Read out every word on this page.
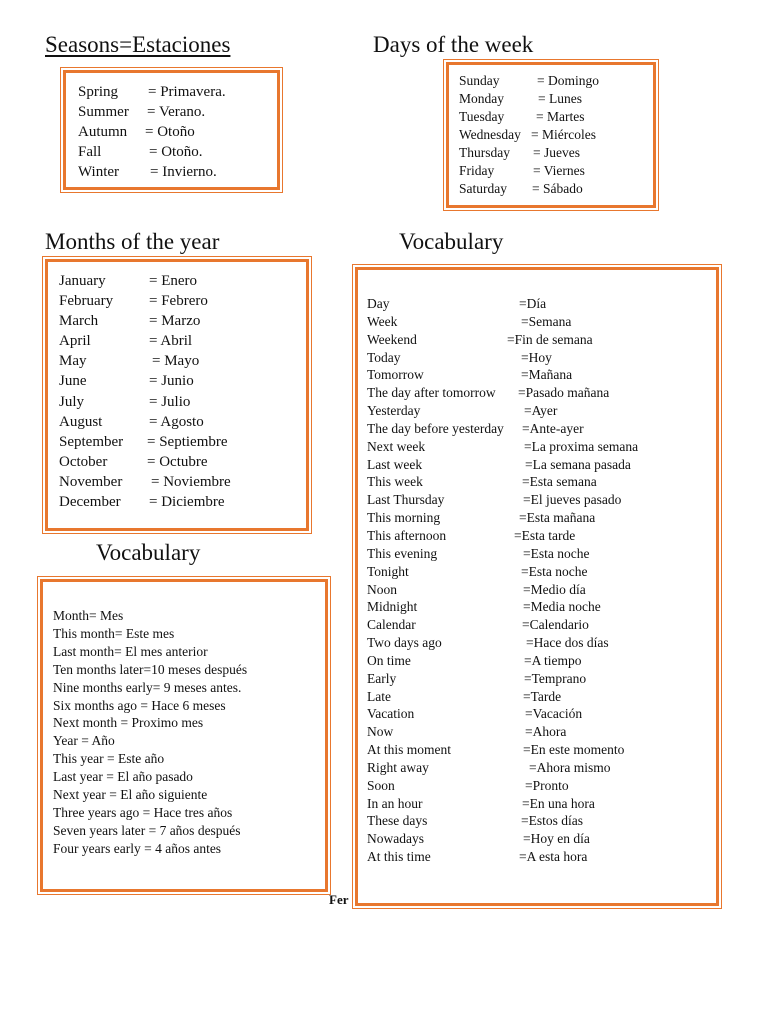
Seasons=Estaciones	Days of the week
Months of the year	Vocabulary
Vocabulary
Spring = Primavera.
Summer = Verano.
Autumn = Otoño
Fall	= Otoño.
Winter = Invierno.
Sunday	= Domingo
Monday	= Lunes
Tuesday = Martes
Wednesday = Miércoles
Thursday = Jueves
Friday	= Viernes
Saturday = Sábado
January	= Enero
February = Febrero
March	= Marzo
April	= Abril
May	= Mayo
June	= Junio
July	= Julio
August	= Agosto
September = Septiembre
October	= Octubre
November = Noviembre
December = Diciembre
Month= Mes
This month= Este mes
Last month= El mes anterior
Ten months later=10 meses después
Nine months early= 9 meses antes.
Six months ago = Hace 6 meses
Next month = Proximo mes
Year = Año
This year = Este año
Last year = El año pasado
Next year = El año siguiente
Three years ago = Hace tres años
Seven years later = 7 años después
Four years early = 4 años antes
Fer
Day	=Día
Week	=Semana
Weekend	=Fin de semana
Today	=Hoy
Tomorrow	=Mañana
The day after tomorrow =Pasado mañana
Yesterday	=Ayer
The day before yesterday =Ante-ayer
Next week	=La proxima semana
Last week	=La semana pasada
This week	=Esta semana
Last Thursday	=El jueves pasado
This morning	=Esta mañana
This afternoon	=Esta tarde
This evening	=Esta noche
Tonight	=Esta noche
Noon	=Medio día
Midnight	=Media noche
Calendar	=Calendario
Two days ago	=Hace dos días
On time	=A tiempo
Early	=Temprano
Late	=Tarde
Vacation	=Vacación
Now	=Ahora
At this moment	=En este momento
Right away	=Ahora mismo
Soon	=Pronto
In an hour	=En una hora
These days	=Estos días
Nowadays	=Hoy en día
At this time	=A esta hora
